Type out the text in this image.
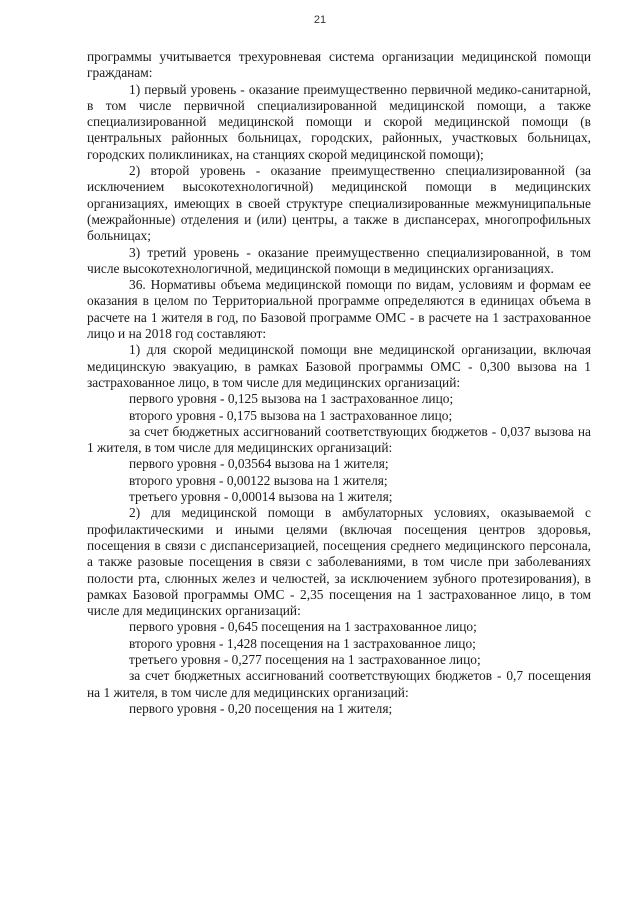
21

программы учитывается трехуровневая система организации медицинской помощи гражданам:

1) первый уровень - оказание преимущественно первичной медико-санитарной, в том числе первичной специализированной медицинской помощи, а также специализированной медицинской помощи и скорой медицинской помощи (в центральных районных больницах, городских, районных, участковых больницах, городских поликлиниках, на станциях скорой медицинской помощи);

2) второй уровень - оказание преимущественно специализированной (за исключением высокотехнологичной) медицинской помощи в медицинских организациях, имеющих в своей структуре специализированные межмуниципальные (межрайонные) отделения и (или) центры, а также в диспансерах, многопрофильных больницах;

3) третий уровень - оказание преимущественно специализированной, в том числе высокотехнологичной, медицинской помощи в медицинских организациях.

36. Нормативы объема медицинской помощи по видам, условиям и формам ее оказания в целом по Территориальной программе определяются в единицах объема в расчете на 1 жителя в год, по Базовой программе ОМС - в расчете на 1 застрахованное лицо и на 2018 год составляют:

1) для скорой медицинской помощи вне медицинской организации, включая медицинскую эвакуацию, в рамках Базовой программы ОМС - 0,300 вызова на 1 застрахованное лицо, в том числе для медицинских организаций:

первого уровня - 0,125 вызова на 1 застрахованное лицо;

второго уровня - 0,175 вызова на 1 застрахованное лицо;

за счет бюджетных ассигнований соответствующих бюджетов - 0,037 вызова на 1 жителя, в том числе для медицинских организаций:

первого уровня - 0,03564 вызова на 1 жителя;

второго уровня - 0,00122 вызова на 1 жителя;

третьего уровня - 0,00014 вызова на 1 жителя;

2) для медицинской помощи в амбулаторных условиях, оказываемой с профилактическими и иными целями (включая посещения центров здоровья, посещения в связи с диспансеризацией, посещения среднего медицинского персонала, а также разовые посещения в связи с заболеваниями, в том числе при заболеваниях полости рта, слюнных желез и челюстей, за исключением зубного протезирования), в рамках Базовой программы ОМС - 2,35 посещения на 1 застрахованное лицо, в том числе для медицинских организаций:

первого уровня - 0,645 посещения на 1 застрахованное лицо;

второго уровня - 1,428 посещения на 1 застрахованное лицо;

третьего уровня - 0,277 посещения на 1 застрахованное лицо;

за счет бюджетных ассигнований соответствующих бюджетов - 0,7 посещения на 1 жителя, в том числе для медицинских организаций:

первого уровня - 0,20 посещения на 1 жителя;
